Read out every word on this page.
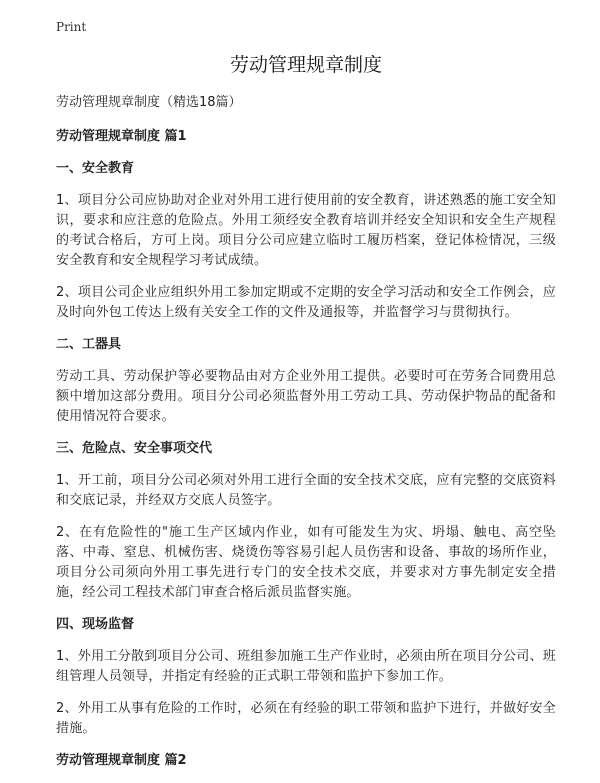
Print
劳动管理规章制度

劳动管理规章制度（精选18篇）

劳动管理规章制度 篇1

一、安全教育

1、项目分公司应协助对企业对外用工进行使用前的安全教育，讲述熟悉的施工安全知识，要求和应注意的危险点。外用工须经安全教育培训并经安全知识和安全生产规程的考试合格后，方可上岗。项目分公司应建立临时工履历档案，登记体检情况，三级安全教育和安全规程学习考试成绩。

2、项目公司企业应组织外用工参加定期或不定期的安全学习活动和安全工作例会，应及时向外包工传达上级有关安全工作的文件及通报等，并监督学习与贯彻执行。

二、工器具

劳动工具、劳动保护等必要物品由对方企业外用工提供。必要时可在劳务合同费用总额中增加这部分费用。项目分公司必须监督外用工劳动工具、劳动保护物品的配备和使用情况符合要求。

三、危险点、安全事项交代

1、开工前，项目分公司必须对外用工进行全面的安全技术交底，应有完整的交底资料和交底记录，并经双方交底人员签字。

2、在有危险性的"施工生产区域内作业，如有可能发生为灾、坍塌、触电、高空坠落、中毒、窒息、机械伤害、烧烫伤等容易引起人员伤害和设备、事故的场所作业，项目分公司须向外用工事先进行专门的安全技术交底，并要求对方事先制定安全措施，经公司工程技术部门审查合格后派员监督实施。

四、现场监督

1、外用工分散到项目分公司、班组参加施工生产作业时，必须由所在项目分公司、班组管理人员领导，并指定有经验的正式职工带领和监护下参加工作。

2、外用工从事有危险的工作时，必须在有经验的职工带领和监护下进行，并做好安全措施。

劳动管理规章制度 篇2
